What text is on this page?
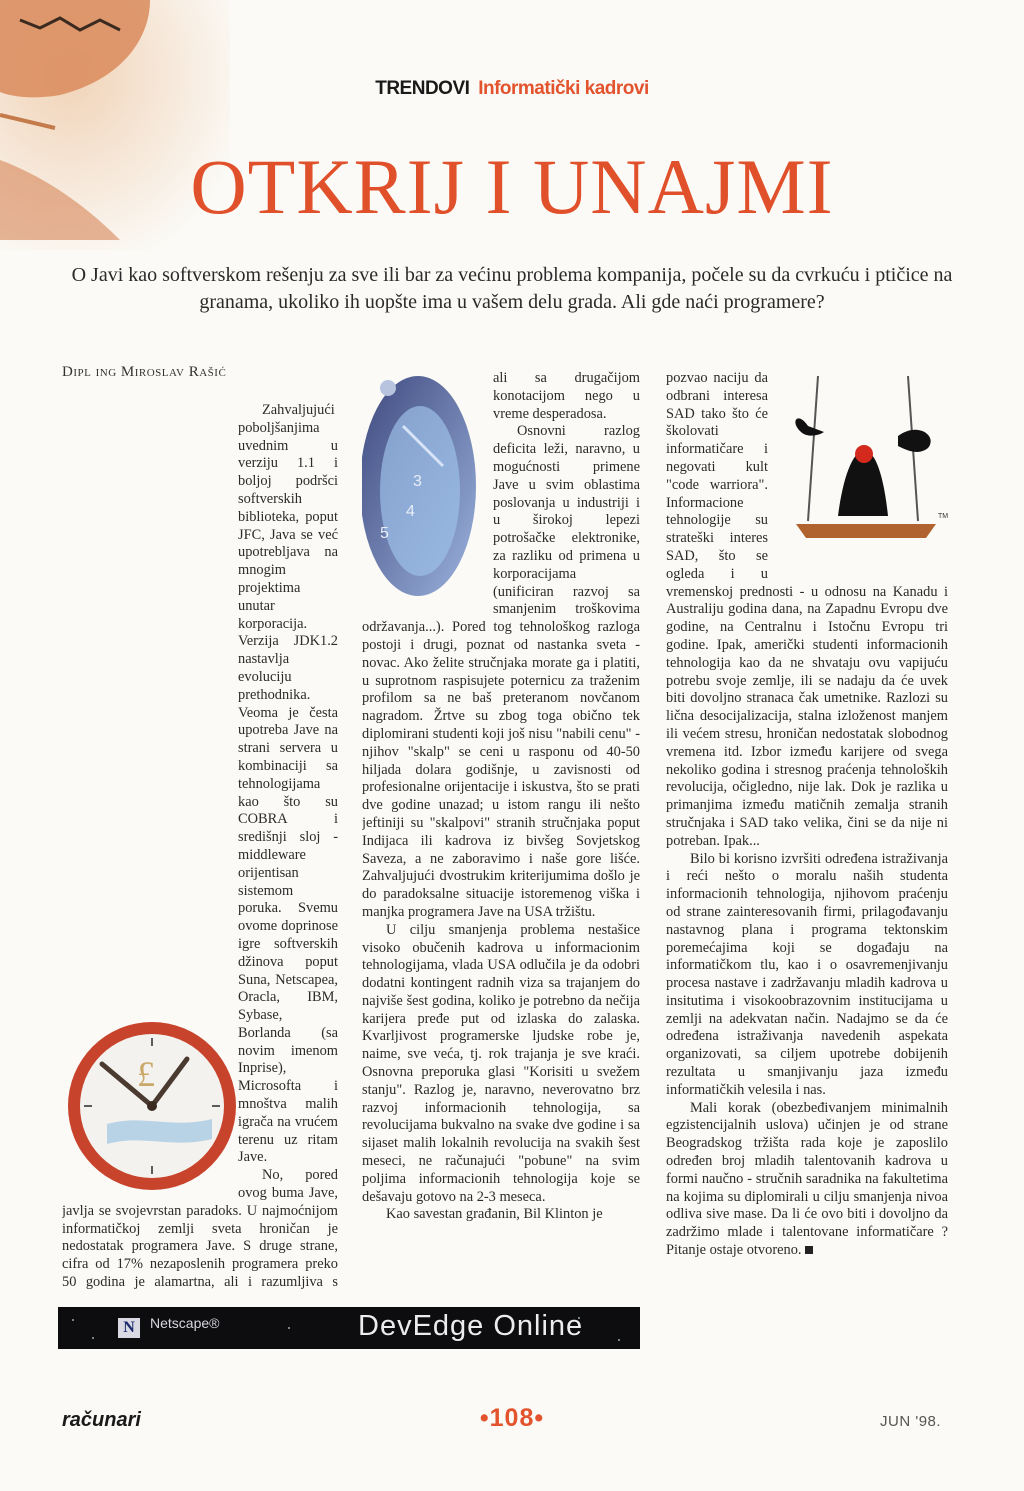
TRENDOVI Informatički kadrovi
OTKRIJ I UNAJMI
O Javi kao softverskom rešenju za sve ili bar za većinu problema kompanija, počele su da cvrkuću i ptičice na granama, ukoliko ih uopšte ima u vašem delu grada. Ali gde naći programere?
Dipl ing Miroslav Rašić
£

Zahvaljujući poboljšanjima uvednim u verziju 1.1 i boljoj podršci softverskih biblioteka, poput JFC, Java se već upotrebljava na mnogim projektima unutar korporacija. Verzija JDK1.2 nastavlja evoluciju prethodnika. Veoma je česta upotreba Jave na strani servera u kombinaciji sa tehnologijama kao što su COBRA i središnji sloj - middleware orijentisan sistemom poruka. Svemu ovome doprinose igre softverskih džinova poput Suna, Netscapea, Oracla, IBM, Sybase, Borlanda (sa novim imenom Inprise), Microsofta i mnoštva malih igrača na vrućem terenu uz ritam Jave.

No, pored ovog buma Jave, javlja se svojevrstan paradoks. U najmoćnijom informatičkoj zemlji sveta hroničan je nedostatak programera Jave. S druge strane, cifra od 17% nezaposlenih programera preko 50 godina je alamartna, ali i razumljiva s

3
4
5

ali sa drugačijom konotacijom nego u vreme desperadosa.

Osnovni razlog deficita leži, naravno, u mogućnosti primene Jave u svim oblastima poslovanja u industriji i u širokoj lepezi potrošačke elektronike, za razliku od primena u korporacijama (unificiran razvoj sa smanjenim troškovima održavanja...). Pored tog tehnološkog razloga postoji i drugi, poznat od nastanka sveta - novac. Ako želite stručnjaka morate ga i platiti, u suprotnom raspisujete poternicu za traženim profilom sa ne baš preteranom novčanom nagradom. Žrtve su zbog toga obično tek diplomirani studenti koji još nisu "nabili cenu" - njihov "skalp" se ceni u rasponu od 40-50 hiljada dolara godišnje, u zavisnosti od profesionalne orijentacije i iskustva, što se prati dve godine unazad; u istom rangu ili nešto jeftiniji su "skalpovi" stranih stručnjaka poput Indijaca ili kadrova iz bivšeg Sovjetskog Saveza, a ne zaboravimo i naše gore lišće. Zahvaljujući dvostrukim kriterijumima došlo je do paradoksalne situacije istoremenog viška i manjka programera Jave na USA tržištu.

U cilju smanjenja problema nestašice visoko obučenih kadrova u informacionim tehnologijama, vlada USA odlučila je da odobri dodatni kontingent radnih viza sa trajanjem do najviše šest godina, koliko je potrebno da nečija karijera pređe put od izlaska do zalaska. Kvarljivost programerske ljudske robe je, naime, sve veća, tj. rok trajanja je sve kraći. Osnovna preporuka glasi "Korisiti u svežem stanju". Razlog je, naravno, neverovatno brz razvoj informacionih tehnologija, sa revolucijama bukvalno na svake dve godine i sa sijaset malih lokalnih revolucija na svakih šest meseci, ne računajući "pobune" na svim poljima informacionih tehnologija koje se dešavaju gotovo na 2-3 meseca.

Kao savestan građanin, Bil Klinton je

TM

pozvao naciju da odbrani interesa SAD tako što će školovati informatičare i negovati kult "code warriora". Informacione tehnologije su strateški interes SAD, što se ogleda i u vremenskoj prednosti - u odnosu na Kanadu i Australiju godina dana, na Zapadnu Evropu dve godine, na Centralnu i Istočnu Evropu tri godine. Ipak, američki studenti informacionih tehnologija kao da ne shvataju ovu vapijuću potrebu svoje zemlje, ili se nadaju da će uvek biti dovoljno stranaca čak umetnike. Razlozi su lična desocijalizacija, stalna izloženost manjem ili većem stresu, hroničan nedostatak slobodnog vremena itd. Izbor između karijere od svega nekoliko godina i stresnog praćenja tehnoloških revolucija, očigledno, nije lak. Dok je razlika u primanjima između matičnih zemalja stranih stručnjaka i SAD tako velika, čini se da nije ni potreban. Ipak...

Bilo bi korisno izvršiti određena istraživanja i reći nešto o moralu naših studenta informacionih tehnologija, njihovom praćenju od strane zainteresovanih firmi, prilagođavanju nastavnog plana i programa tektonskim poremećajima koji se događaju na informatičkom tlu, kao i o osavremenjivanju procesa nastave i zadržavanju mladih kadrova u insitutima i visokoobrazovnim institucijama u zemlji na adekvatan način. Nadajmo se da će određena istraživanja navedenih aspekata organizovati, sa ciljem upotrebe dobijenih rezultata u smanjivanju jaza između informatičkih velesila i nas.

Mali korak (obezbeđivanjem minimalnih egzistencijalnih uslova) učinjen je od strane Beogradskog tržišta rada koje je zaposlilo određen broj mladih talentovanih kadrova u formi naučno - stručnih saradnika na fakultetima na kojima su diplomirali u cilju smanjenja nivoa odliva sive mase. Da li će ovo biti i dovoljno da zadržimo mlade i talentovane informatičare ? Pitanje ostaje otvoreno.

N	Netscape®	DevEdge Online
računari	•108•	JUN '98.
